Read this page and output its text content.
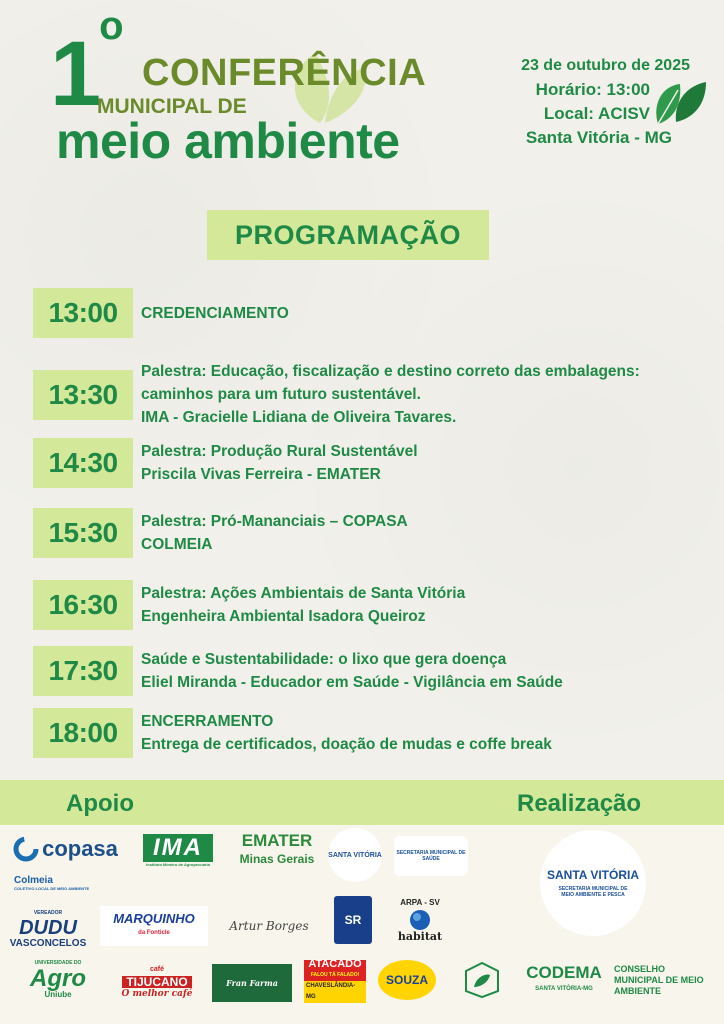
1$^o$
CONFERÊNCIA
MUNICIPAL DE
meio ambiente
23 de outubro de 2025
Horário: 13:00
Local: ACISV
Santa Vitória - MG
PROGRAMAÇÃO
13:00	CREDENCIAMENTO
13:30
Palestra: Educação, fiscalização e destino correto das embalagens:
caminhos para um futuro sustentável.
IMA - Gracielle Lidiana de Oliveira Tavares.
14:30	Palestra: Produção Rural Sustentável
Priscila Vivas Ferreira - EMATER
15:30	Palestra: Pró-Mananciais – COPASA
COLMEIA
16:30	Palestra: Ações Ambientais de Santa Vitória
Engenheira Ambiental Isadora Queiroz
17:30	Saúde e Sustentabilidade: o lixo que gera doença
Eliel Miranda - Educador em Saúde - Vigilância em Saúde
18:00	ENCERRAMENTO
Entrega de certificados, doação de mudas e coffe break
Apoio	Realização
copasa	IMA
Instituto Mineiro de Agropecuária
EMATER
Minas Gerais SANTA VITÓRIA	SECRETARIA MUNICIPAL DE SAÚDE
Colmeia
COLETIVO LOCAL DE MEIO AMBIENTE
SANTA VITÓRIA
SECRETARIA MUNICIPAL DE MEIO AMBIENTE E PESCA
VEREADOR
DUDU
VASCONCELOS
MARQUINHO
da Fonticle	Artur Borges	SR
ARPA - SV
habitat
UNIVERSIDADE DO
Agro
Uniube
café
TIJUCANO
O melhor café
Fran Farma
ATACADO
FALOU TÁ FALADO!
CHAVESLÂNDIA-MG
SOUZA	CODEMA
SANTA VITÓRIA-MG
CONSELHO MUNICIPAL DE MEIO AMBIENTE
